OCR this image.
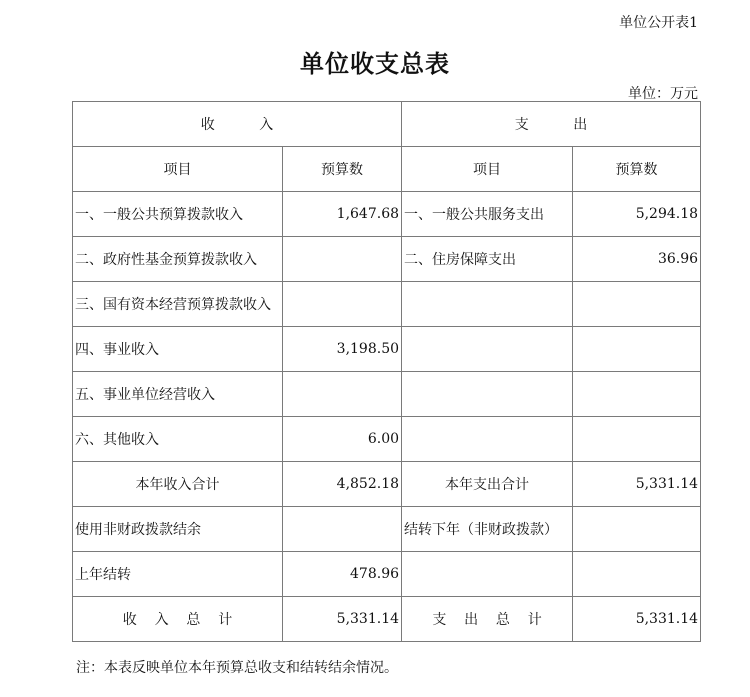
单位公开表1
单位收支总表
单位：万元
收          入		支          出	
项目	预算数	项目	预算数
一、一般公共预算拨款收入	1,647.68	一、一般公共服务支出	5,294.18
二、政府性基金预算拨款收入		二、住房保障支出	36.96
三、国有资本经营预算拨款收入			
四、事业收入	3,198.50		
五、事业单位经营收入			
六、其他收入	6.00		
本年收入合计	4,852.18	本年支出合计	5,331.14
使用非财政拨款结余		结转下年（非财政拨款）	
上年结转	478.96		
收    入    总    计	5,331.14	支    出    总    计	5,331.14
注：本表反映单位本年预算总收支和结转结余情况。
